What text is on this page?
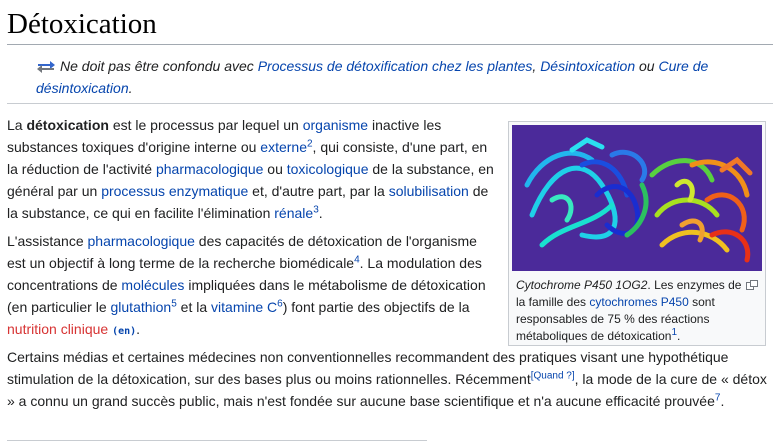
Détoxication
Ne doit pas être confondu avec Processus de détoxification chez les plantes, Désintoxication ou Cure de désintoxication.

La détoxication est le processus par lequel un organisme inactive les substances toxiques d'origine interne ou externe$^2$, qui consiste, d'une part, en la réduction de l'activité pharmacologique ou toxicologique de la substance, en général par un processus enzymatique et, d'autre part, par la solubilisation de la substance, ce qui en facilite l'élimination rénale$^3$.

L'assistance pharmacologique des capacités de détoxication de l'organisme est un objectif à long terme de la recherche biomédicale$^4$. La modulation des concentrations de molécules impliquées dans le métabolisme de détoxication (en particulier le glutathion$^5$ et la vitamine $C^6$) font partie des objectifs de la nutrition clinique (en).

Cytochrome P450 1OG2. Les enzymes de la famille des cytochromes P450 sont responsables de 75 % des réactions métaboliques de détoxication$^1$.

Certains médias et certaines médecines non conventionnelles recommandent des pratiques visant une hypothétique stimulation de la détoxication, sur des bases plus ou moins rationnelles. Récemment[Quand ?], la mode de la cure de « détox » a connu un grand succès public, mais n'est fondée sur aucune base scientifique et n'a aucune efficacité prouvée$^7$.
